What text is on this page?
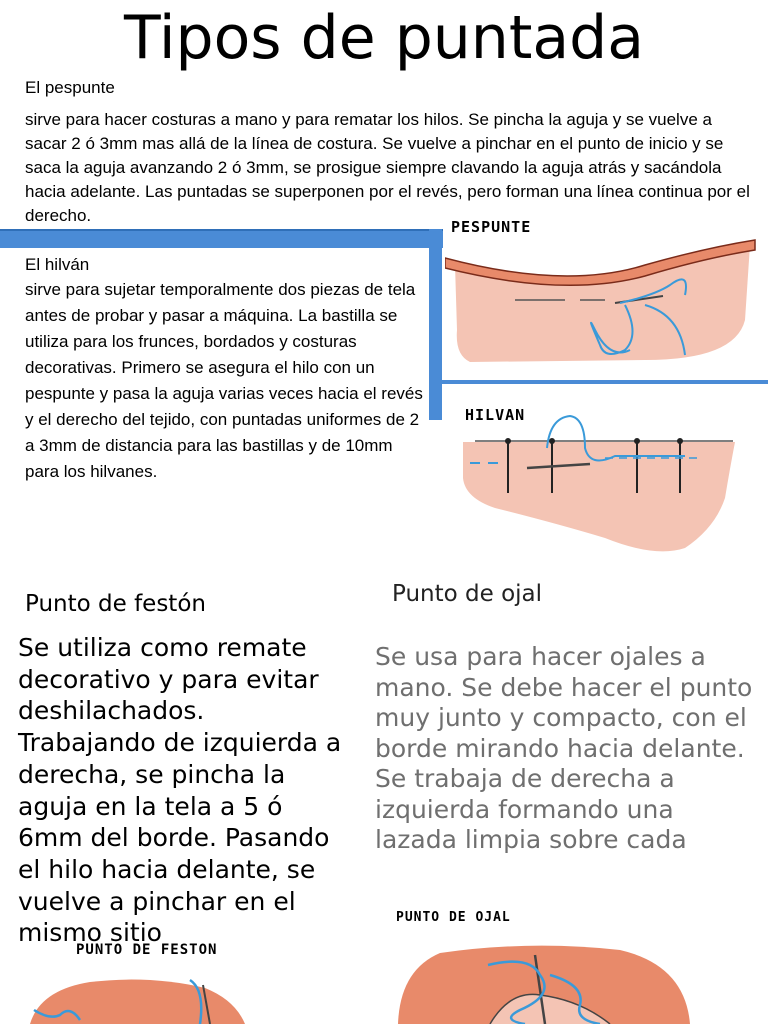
Tipos de puntada
El pespunte
sirve para hacer costuras a mano y para rematar los hilos. Se pincha la aguja y se vuelve a sacar 2 ó 3mm mas allá de la línea de costura. Se vuelve a pinchar en el punto de inicio y se saca la aguja avanzando 2 ó 3mm, se prosigue siempre clavando la aguja atrás y sacándola hacia adelante. Las puntadas se superponen por el revés, pero forman una línea continua por el derecho.
El hilván
sirve para sujetar temporalmente dos piezas de tela antes de probar y pasar a máquina. La bastilla se utiliza para los frunces, bordados y costuras decorativas. Primero se asegura el hilo con un pespunte y pasa la aguja varias veces hacia el revés y el derecho del tejido, con puntadas uniformes de 2 a 3mm de distancia para las bastillas y de 10mm para los hilvanes.
PESPUNTE
HILVAN
Punto de festón
Se utiliza como remate decorativo y para evitar deshilachados. Trabajando de izquierda a derecha, se pincha la aguja en la tela a 5 ó 6mm del borde. Pasando el hilo hacia delante, se vuelve a pinchar en el mismo sitio
Punto de ojal
Se usa para hacer ojales a mano. Se debe hacer el punto muy junto y compacto, con el borde mirando hacia delante. Se trabaja de derecha a izquierda formando una lazada limpia sobre cada
PUNTO DE FESTON
PUNTO DE OJAL
